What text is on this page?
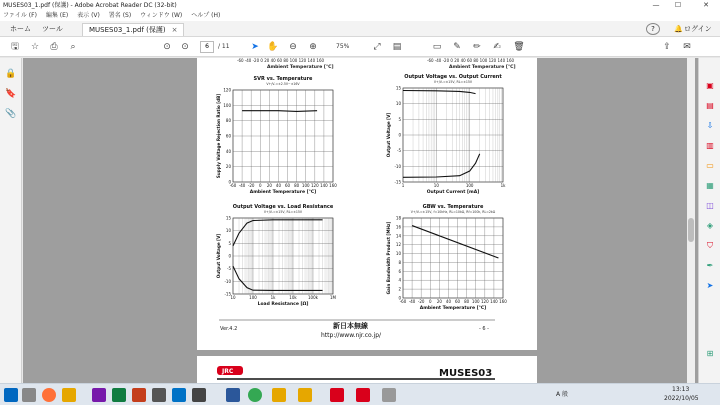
MUSES03_1.pdf (保護) - Adobe Acrobat Reader DC (32-bit)	—	☐	✕
ファイル (F) 編集 (E) 表示 (V) 署名 (S) ウィンドウ (W) ヘルプ (H)
ホーム	ツール	MUSES03_1.pdf (保護) ×	?	🔔 ログイン
🖫	☆	⎙	⌕	⊙	⊙	6	/ 11	➤ ✋	⊖	⊕	75%	⤢	▤	▭	✎	✏	✍	🗑	⇪	✉
🔒
🔖
📎
-60 -40 -20 0 20 40 60 80 100 120 140 160
Ambient Temperature [°C]
-60 -40 -20 0 20 40 60 80 100 120 140 160
Ambient Temperature [°C]
SVR vs. Temperature
V+/V-=±2.5V~±16V
-60 -40 -20 0 20 40 60 80 100 120 140 160
120
100
80
60
40
20
0
Ambient Temperature [°C]
Supply Voltage Rejection Ratio [dB]
Output Voltage vs. Output Current
V+/V-=±15V, RL=±15V
1	10	100	1k
15
10
5
0
-5
-10
-15
Output Current [mA]
Output Voltage [V]
Output Voltage vs. Load Resistance
V+/V-=±15V, RL=±15V
10	100	1k	10k	100k	1M
15
10
5
0
-5
-10
-15
Load Resistance [Ω]
Output Voltage [V]
GBW vs. Temperature
V+/V-=±15V, f=10kHz, RL=10kΩ, Rf=100k, RL=2kΩ
-60 -40 -20 0 20 40 60 80 100 120 140 160
18
16
14
12
10
8
6
4
2
0
Ambient Temperature [°C]
Gain Bandwidth Product [MHz]
Ver.4.2	- 6 -
新日本無線
http://www.njr.co.jp/
JRC	MUSES03
▣
▤
⇩
▥
▭
▦
◫
◈
⛉
✒
➤
⊞
A 般
13:13
2022/10/05
